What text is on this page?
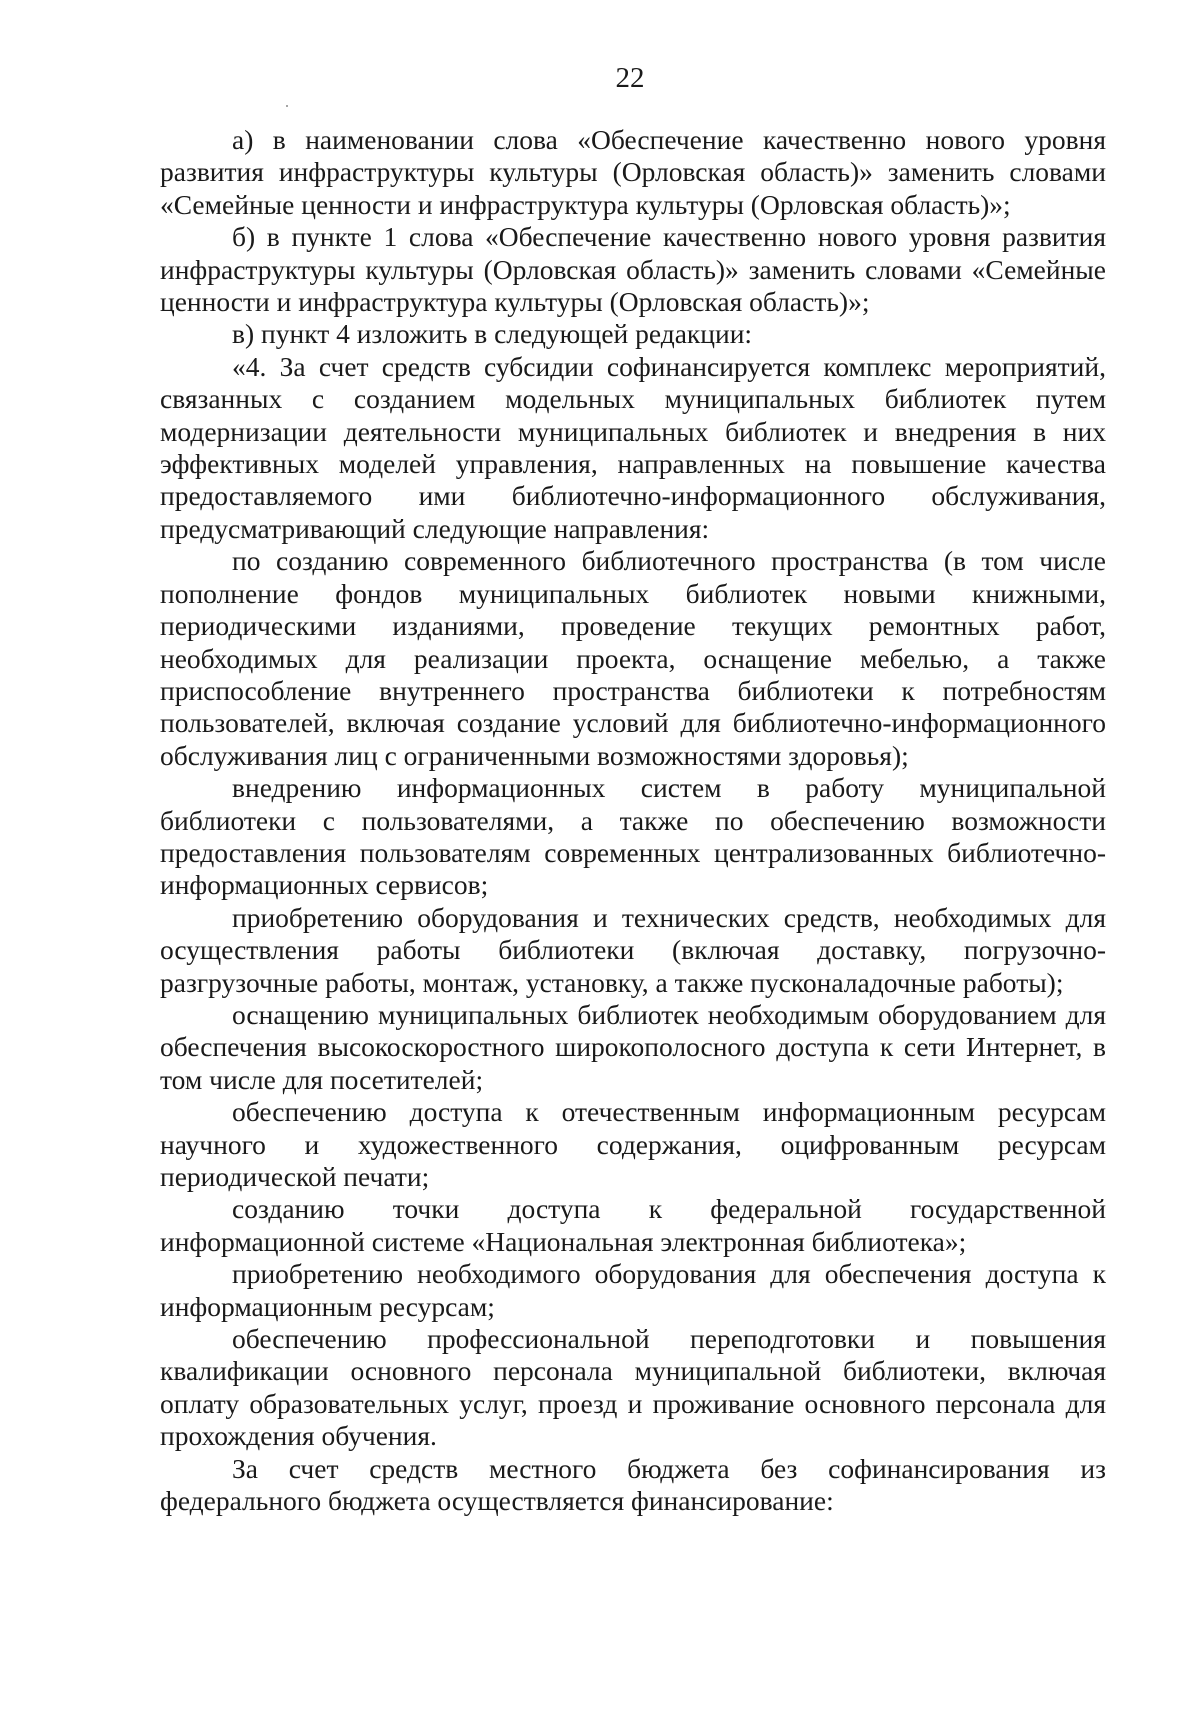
22

а) в наименовании слова «Обеспечение качественно нового уровня развития инфраструктуры культуры (Орловская область)» заменить словами «Семейные ценности и инфраструктура культуры (Орловская область)»;

б) в пункте 1 слова «Обеспечение качественно нового уровня развития инфраструктуры культуры (Орловская область)» заменить словами «Семейные ценности и инфраструктура культуры (Орловская область)»;

в) пункт 4 изложить в следующей редакции:

«4. За счет средств субсидии софинансируется комплекс мероприятий, связанных с созданием модельных муниципальных библиотек путем модернизации деятельности муниципальных библиотек и внедрения в них эффективных моделей управления, направленных на повышение качества предоставляемого ими библиотечно-информационного обслуживания, предусматривающий следующие направления:

по созданию современного библиотечного пространства (в том числе пополнение фондов муниципальных библиотек новыми книжными, периодическими изданиями, проведение текущих ремонтных работ, необходимых для реализации проекта, оснащение мебелью, а также приспособление внутреннего пространства библиотеки к потребностям пользователей, включая создание условий для библиотечно-информационного обслуживания лиц с ограниченными возможностями здоровья);

внедрению информационных систем в работу муниципальной библиотеки с пользователями, а также по обеспечению возможности предоставления пользователям современных централизованных библиотечно-информационных сервисов;

приобретению оборудования и технических средств, необходимых для осуществления работы библиотеки (включая доставку, погрузочно-разгрузочные работы, монтаж, установку, а также пусконаладочные работы);

оснащению муниципальных библиотек необходимым оборудованием для обеспечения высокоскоростного широкополосного доступа к сети Интернет, в том числе для посетителей;

обеспечению доступа к отечественным информационным ресурсам научного и художественного содержания, оцифрованным ресурсам периодической печати;

созданию точки доступа к федеральной государственной информационной системе «Национальная электронная библиотека»;

приобретению необходимого оборудования для обеспечения доступа к информационным ресурсам;

обеспечению профессиональной переподготовки и повышения квалификации основного персонала муниципальной библиотеки, включая оплату образовательных услуг, проезд и проживание основного персонала для прохождения обучения.

За счет средств местного бюджета без софинансирования из федерального бюджета осуществляется финансирование:
